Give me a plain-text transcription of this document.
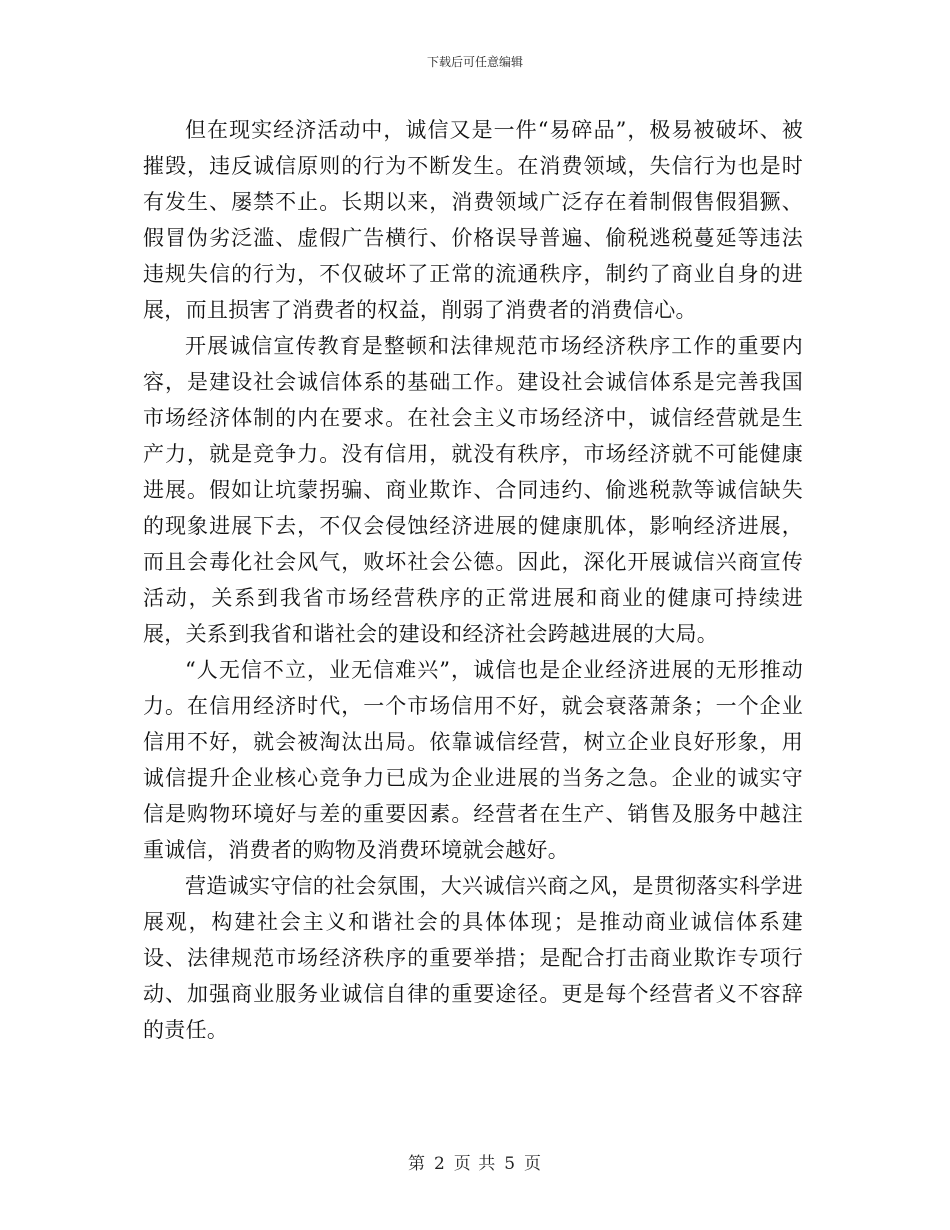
下载后可任意编辑

但在现实经济活动中，诚信又是一件“易碎品”，极易被破坏、被摧毁，违反诚信原则的行为不断发生。在消费领域，失信行为也是时有发生、屡禁不止。长期以来，消费领域广泛存在着制假售假猖獗、假冒伪劣泛滥、虚假广告横行、价格误导普遍、偷税逃税蔓延等违法违规失信的行为，不仅破坏了正常的流通秩序，制约了商业自身的进展，而且损害了消费者的权益，削弱了消费者的消费信心。

开展诚信宣传教育是整顿和法律规范市场经济秩序工作的重要内容，是建设社会诚信体系的基础工作。建设社会诚信体系是完善我国市场经济体制的内在要求。在社会主义市场经济中，诚信经营就是生产力，就是竞争力。没有信用，就没有秩序，市场经济就不可能健康进展。假如让坑蒙拐骗、商业欺诈、合同违约、偷逃税款等诚信缺失的现象进展下去，不仅会侵蚀经济进展的健康肌体，影响经济进展，而且会毒化社会风气，败坏社会公德。因此，深化开展诚信兴商宣传活动，关系到我省市场经营秩序的正常进展和商业的健康可持续进展，关系到我省和谐社会的建设和经济社会跨越进展的大局。

“人无信不立，业无信难兴”，诚信也是企业经济进展的无形推动力。在信用经济时代，一个市场信用不好，就会衰落萧条；一个企业信用不好，就会被淘汰出局。依靠诚信经营，树立企业良好形象，用诚信提升企业核心竞争力已成为企业进展的当务之急。企业的诚实守信是购物环境好与差的重要因素。经营者在生产、销售及服务中越注重诚信，消费者的购物及消费环境就会越好。

营造诚实守信的社会氛围，大兴诚信兴商之风，是贯彻落实科学进展观，构建社会主义和谐社会的具体体现；是推动商业诚信体系建设、法律规范市场经济秩序的重要举措；是配合打击商业欺诈专项行动、加强商业服务业诚信自律的重要途径。更是每个经营者义不容辞的责任。

第 2 页 共 5 页
